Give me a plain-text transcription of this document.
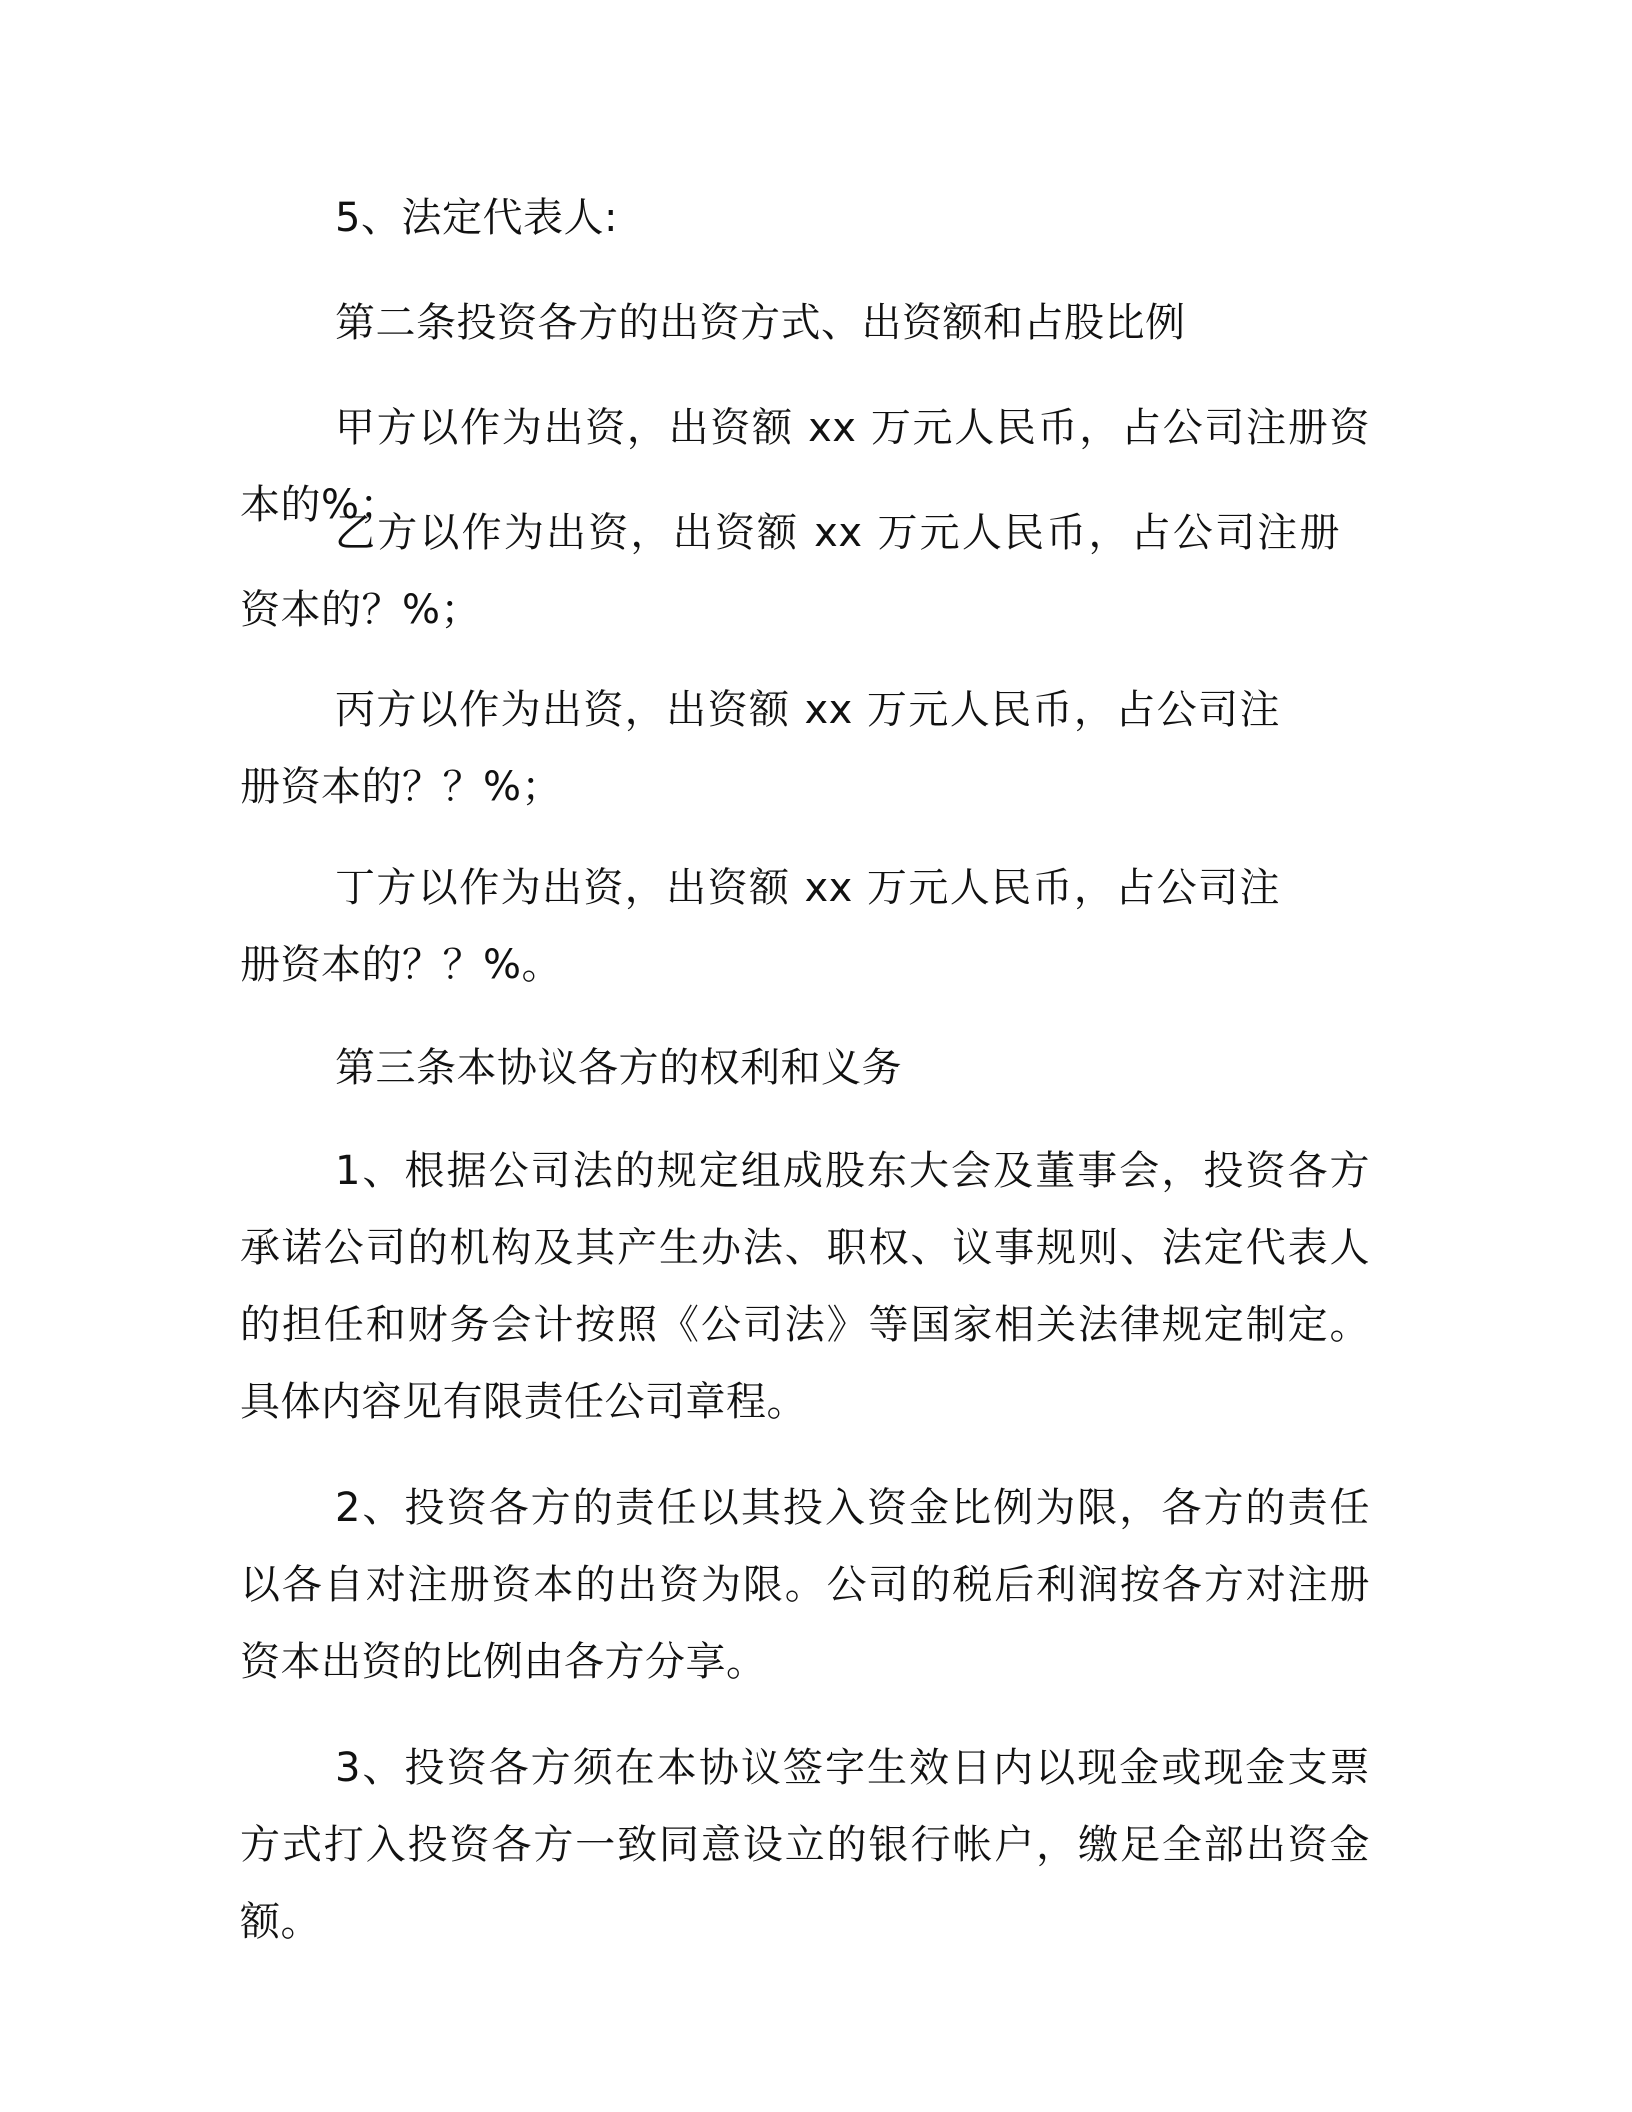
5、法定代表人:

第二条投资各方的出资方式、出资额和占股比例

甲方以作为出资，出资额 xx 万元人民币，占公司注册资本的%；

乙方以作为出资，出资额 xx 万元人民币，占公司注册资本的？%；

丙方以作为出资，出资额 xx 万元人民币，占公司注册资本的？？%；

丁方以作为出资，出资额 xx 万元人民币，占公司注册资本的？？%。

第三条本协议各方的权利和义务

1、根据公司法的规定组成股东大会及董事会，投资各方承诺公司的机构及其产生办法、职权、议事规则、法定代表人的担任和财务会计按照《公司法》等国家相关法律规定制定。具体内容见有限责任公司章程。

2、投资各方的责任以其投入资金比例为限，各方的责任以各自对注册资本的出资为限。公司的税后利润按各方对注册资本出资的比例由各方分享。

3、投资各方须在本协议签字生效日内以现金或现金支票方式打入投资各方一致同意设立的银行帐户，缴足全部出资金额。
